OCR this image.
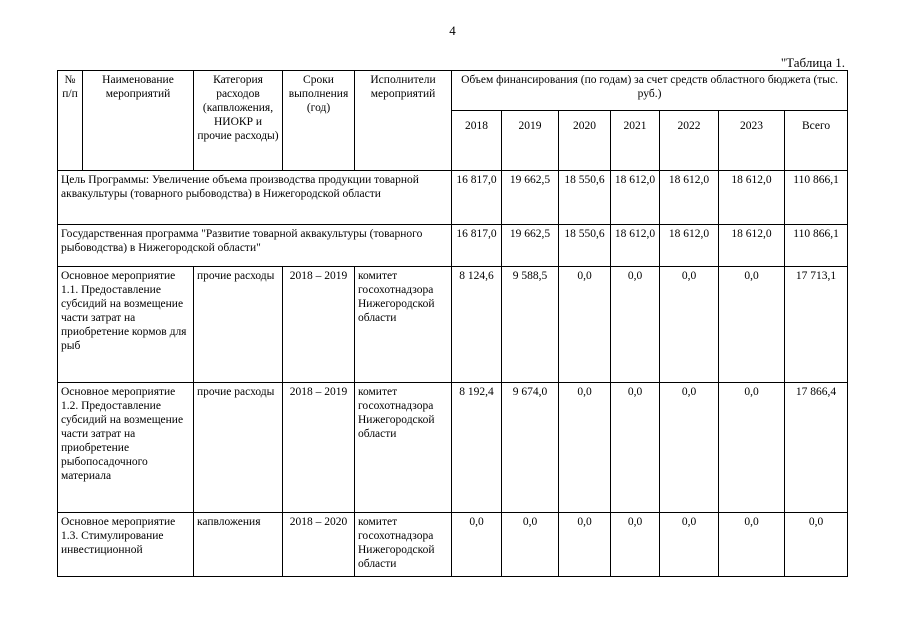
4
"Таблица 1.
№ п/п	Наименование мероприятий	Категория расходов (капвложения, НИОКР и прочие расходы)	Сроки выполнения (год)	Исполнители мероприятий	Объем финансирования (по годам) за счет средств областного бюджета (тыс. руб.)						
					2018	2019	2020	2021	2022	2023	Всего
Цель Программы: Увеличение объема производства продукции товарной аквакультуры (товарного рыбоводства) в Нижегородской области					16 817,0	19 662,5	18 550,6	18 612,0	18 612,0	18 612,0	110 866,1
Государственная программа "Развитие товарной аквакультуры (товарного рыбоводства) в Нижегородской области"					16 817,0	19 662,5	18 550,6	18 612,0	18 612,0	18 612,0	110 866,1
Основное мероприятие 1.1. Предоставление субсидий на возмещение части затрат на приобретение кормов для рыб		прочие расходы	2018 – 2019	комитет госохотнадзора Нижегородской области	8 124,6	9 588,5	0,0	0,0	0,0	0,0	17 713,1
Основное мероприятие 1.2. Предоставление субсидий на возмещение части затрат на приобретение рыбопосадочного материала		прочие расходы	2018 – 2019	комитет госохотнадзора Нижегородской области	8 192,4	9 674,0	0,0	0,0	0,0	0,0	17 866,4
Основное мероприятие 1.3. Стимулирование инвестиционной		капвложения	2018 – 2020	комитет госохотнадзора Нижегородской области	0,0	0,0	0,0	0,0	0,0	0,0	0,0
